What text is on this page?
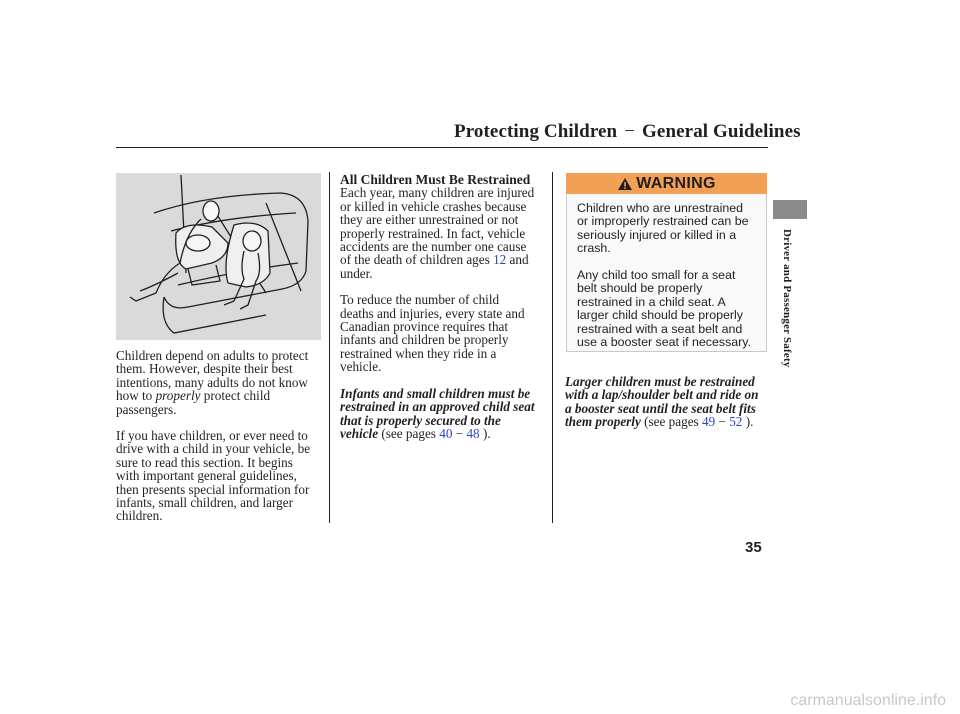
Protecting Children − General Guidelines

Children depend on adults to protect
them. However, despite their best
intentions, many adults do not know
how to properly protect child
passengers.

If you have children, or ever need to
drive with a child in your vehicle, be
sure to read this section. It begins
with important general guidelines,
then presents special information for
infants, small children, and larger
children.

All Children Must Be Restrained

Each year, many children are injured
or killed in vehicle crashes because
they are either unrestrained or not
properly restrained. In fact, vehicle
accidents are the number one cause
of the death of children ages 12 and
under.

To reduce the number of child
deaths and injuries, every state and
Canadian province requires that
infants and children be properly
restrained when they ride in a
vehicle.

Infants and small children must be
restrained in an approved child seat
that is properly secured to the
vehicle (see pages 40 − 48 ).

WARNING
Children who are unrestrained
or improperly restrained can be
seriously injured or killed in a
crash.

Any child too small for a seat
belt should be properly
restrained in a child seat. A
larger child should be properly
restrained with a seat belt and
use a booster seat if necessary.

Larger children must be restrained
with a lap/shoulder belt and ride on
a booster seat until the seat belt fits
them properly (see pages 49 − 52 ).

Driver and Passenger Safety
35
carmanualsonline.info
